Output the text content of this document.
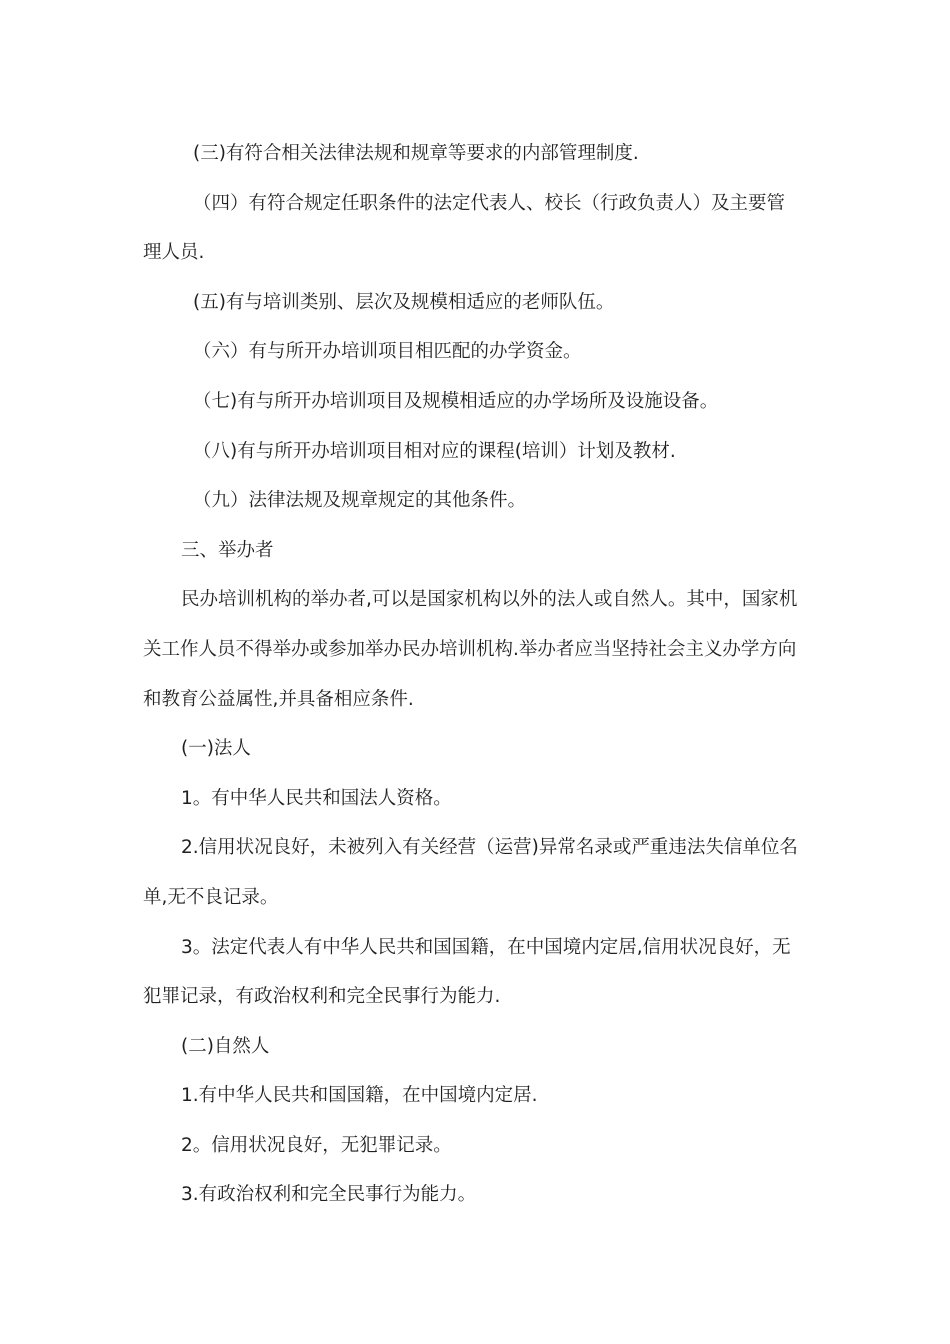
(三)有符合相关法律法规和规章等要求的内部管理制度.

（四）有符合规定任职条件的法定代表人、校长（行政负责人）及主要管理人员.

(五)有与培训类别、层次及规模相适应的老师队伍。

（六）有与所开办培训项目相匹配的办学资金。

（七)有与所开办培训项目及规模相适应的办学场所及设施设备。

（八)有与所开办培训项目相对应的课程(培训）计划及教材.

（九）法律法规及规章规定的其他条件。

三、举办者

民办培训机构的举办者,可以是国家机构以外的法人或自然人。其中，国家机关工作人员不得举办或参加举办民办培训机构.举办者应当坚持社会主义办学方向和教育公益属性,并具备相应条件.

(一)法人

1。有中华人民共和国法人资格。

2.信用状况良好，未被列入有关经营（运营)异常名录或严重违法失信单位名单,无不良记录。

3。法定代表人有中华人民共和国国籍，在中国境内定居,信用状况良好，无犯罪记录，有政治权利和完全民事行为能力.

(二)自然人

1.有中华人民共和国国籍，在中国境内定居.

2。信用状况良好，无犯罪记录。

3.有政治权利和完全民事行为能力。
